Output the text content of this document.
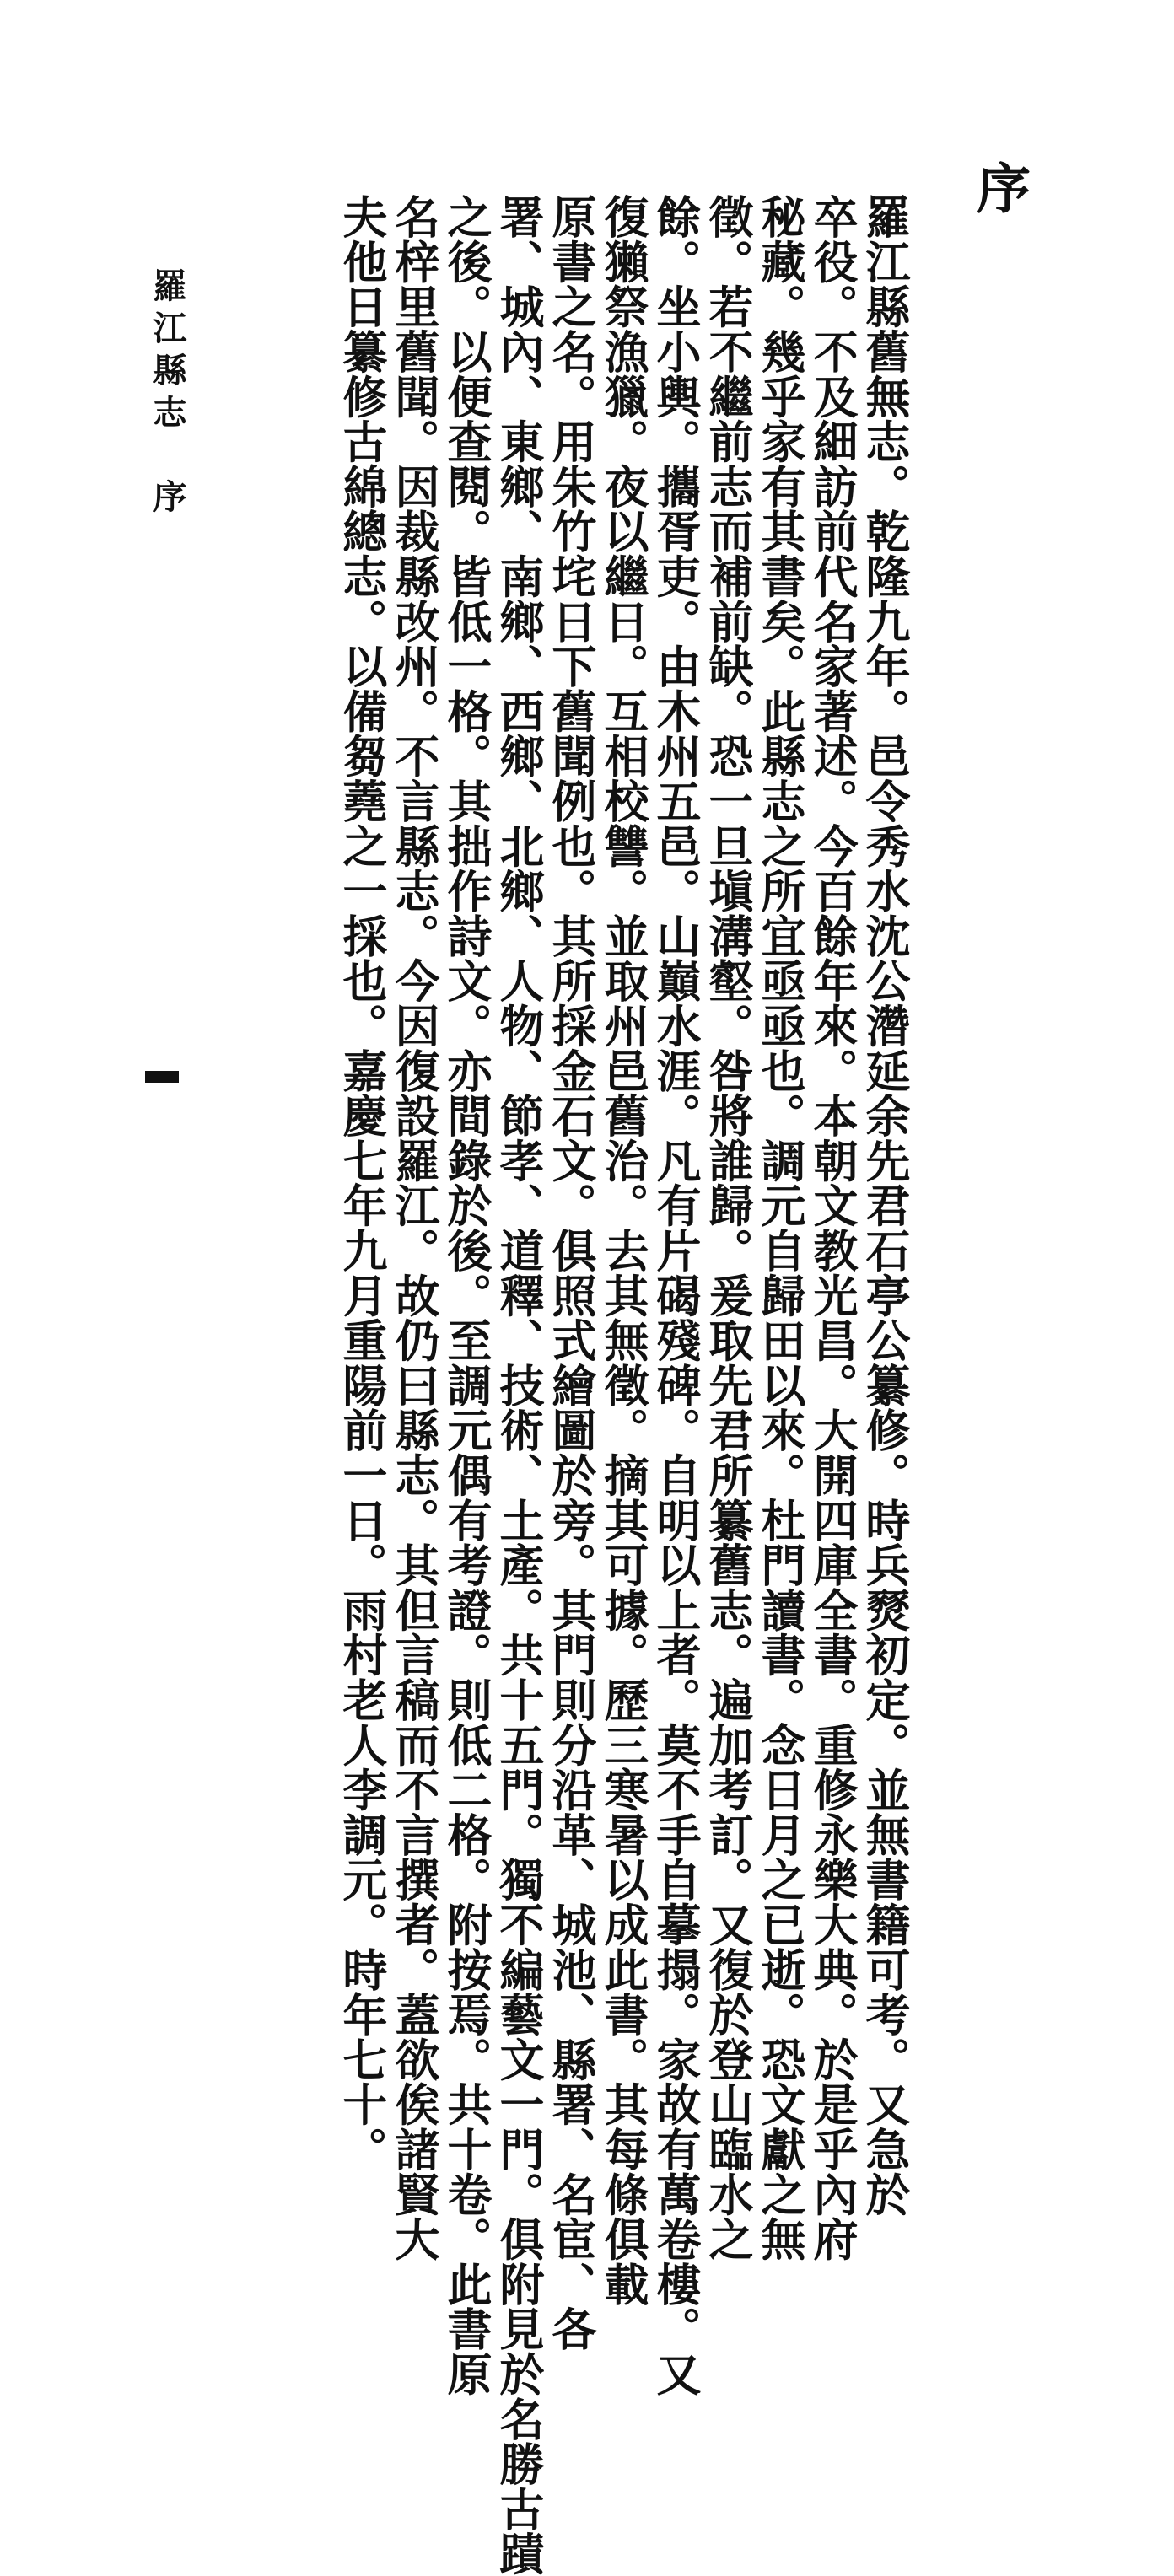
序
羅江縣舊無志。乾隆九年。邑令秀水沈公濳延余先君石亭公纂修。時兵燹初定。並無書籍可考。又急於
卒役。不及細訪前代名家著述。今百餘年來。本朝文教光昌。大開四庫全書。重修永樂大典。於是乎內府
秘藏。幾乎家有其書矣。此縣志之所宜亟亟也。調元自歸田以來。杜門讀書。念日月之已逝。恐文獻之無
徵。若不繼前志而補前缺。恐一旦塡溝壑。咎將誰歸。爰取先君所纂舊志。遍加考訂。又復於登山臨水之
餘。坐小輿。攜胥吏。由木州五邑。山巔水涯。凡有片碣殘碑。自明以上者。莫不手自摹搨。家故有萬卷樓。又
復獺祭漁獵。夜以繼日。互相校讐。並取州邑舊治。去其無徵。摘其可據。歷三寒暑以成此書。其每條俱載
原書之名。用朱竹垞日下舊聞例也。其所採金石文。俱照式繪圖於旁。其門則分沿革、城池、縣署、名宦、各
署、城內、東鄉、南鄉、西鄉、北鄉、人物、節孝、道釋、技術、土產。共十五門。獨不編藝文一門。俱附見於名勝古蹟
之後。以便查閱。皆低一格。其拙作詩文。亦間錄於後。至調元偶有考證。則低二格。附按焉。共十卷。此書原
名梓里舊聞。因裁縣改州。不言縣志。今因復設羅江。故仍曰縣志。其但言稿而不言撰者。蓋欲俟諸賢大
夫他日纂修古綿總志。以備芻蕘之一採也。嘉慶七年九月重陽前一日。雨村老人李調元。時年七十。
羅江縣志
序
